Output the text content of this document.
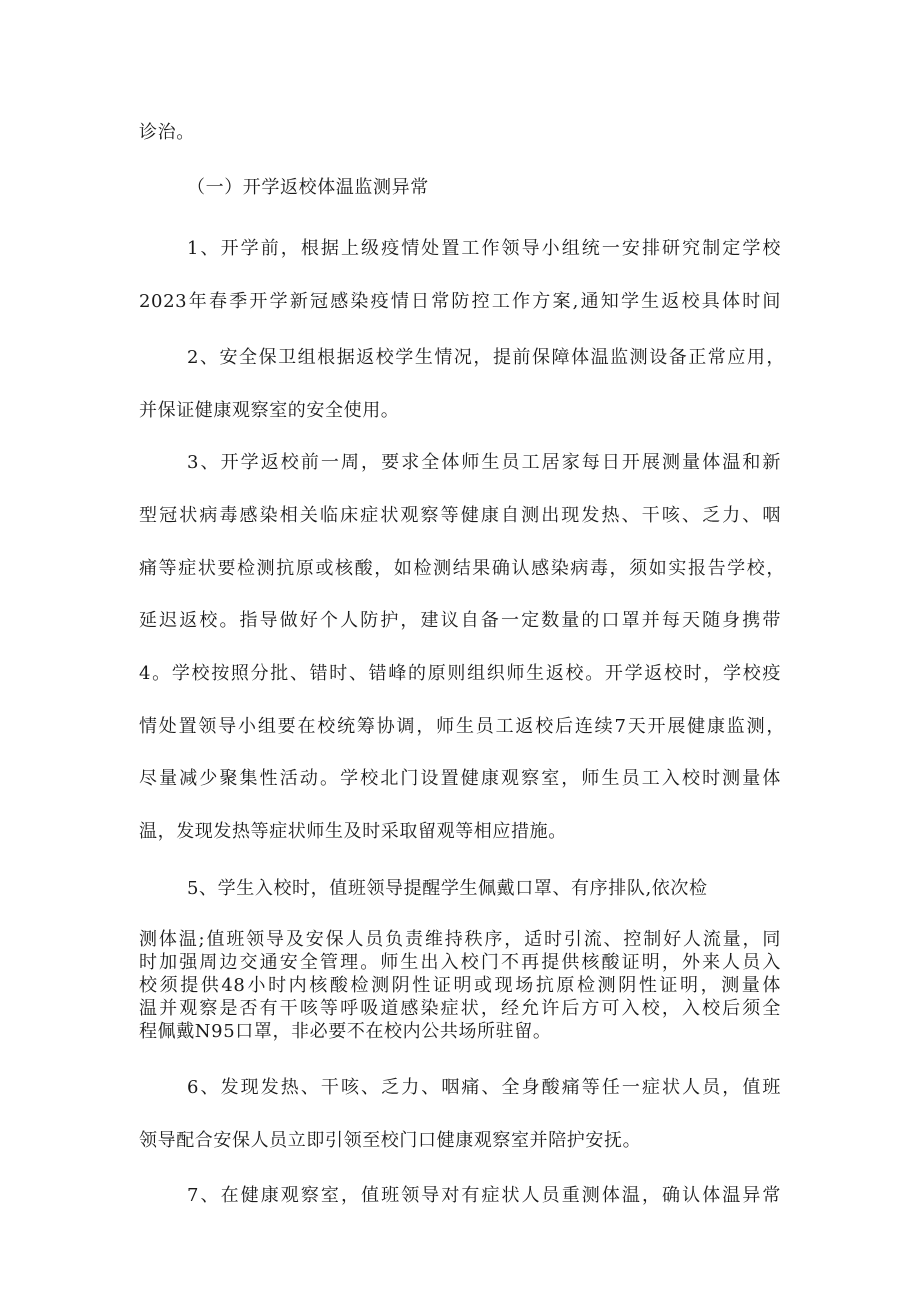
诊治。
（一）开学返校体温监测异常
1、开学前，根据上级疫情处置工作领导小组统一安排研究制定学校
2023年春季开学新冠感染疫情日常防控工作方案,通知学生返校具体时间
2、安全保卫组根据返校学生情况，提前保障体温监测设备正常应用，
并保证健康观察室的安全使用。
3、开学返校前一周，要求全体师生员工居家每日开展测量体温和新
型冠状病毒感染相关临床症状观察等健康自测出现发热、干咳、乏力、咽
痛等症状要检测抗原或核酸，如检测结果确认感染病毒，须如实报告学校，
延迟返校。指导做好个人防护，建议自备一定数量的口罩并每天随身携带
4。学校按照分批、错时、错峰的原则组织师生返校。开学返校时，学校疫
情处置领导小组要在校统筹协调，师生员工返校后连续7天开展健康监测，
尽量减少聚集性活动。学校北门设置健康观察室，师生员工入校时测量体
温，发现发热等症状师生及时采取留观等相应措施。
5、学生入校时，值班领导提醒学生佩戴口罩、有序排队,依次检
测体温;值班领导及安保人员负责维持秩序，适时引流、控制好人流量，同
时加强周边交通安全管理。师生出入校门不再提供核酸证明，外来人员入
校须提供48小时内核酸检测阴性证明或现场抗原检测阴性证明，测量体
温并观察是否有干咳等呼吸道感染症状，经允许后方可入校，入校后须全
程佩戴N95口罩，非必要不在校内公共场所驻留。
6、发现发热、干咳、乏力、咽痛、全身酸痛等任一症状人员，值班
领导配合安保人员立即引领至校门口健康观察室并陪护安抚。
7、在健康观察室，值班领导对有症状人员重测体温，确认体温异常
